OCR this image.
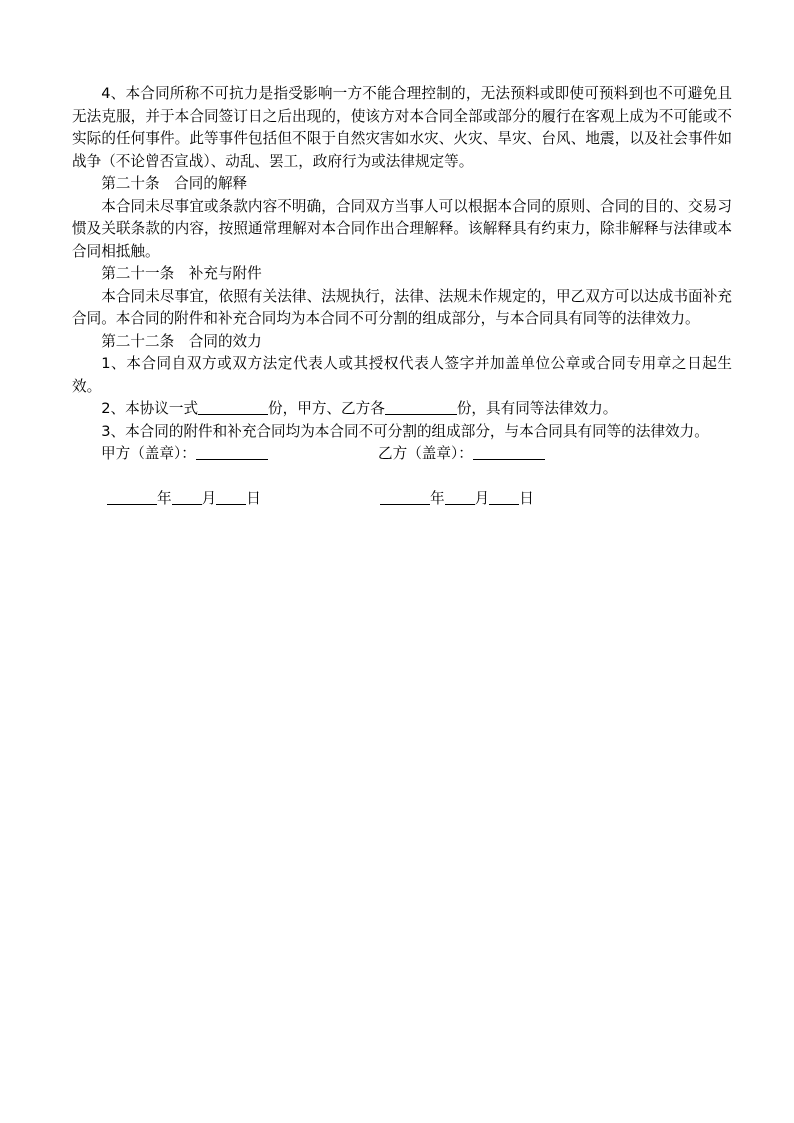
4、本合同所称不可抗力是指受影响一方不能合理控制的，无法预料或即使可预料到也不可避免且无法克服，并于本合同签订日之后出现的，使该方对本合同全部或部分的履行在客观上成为不可能或不实际的任何事件。此等事件包括但不限于自然灾害如水灾、火灾、旱灾、台风、地震，以及社会事件如战争（不论曾否宣战）、动乱、罢工，政府行为或法律规定等。

第二十条 合同的解释

本合同未尽事宜或条款内容不明确，合同双方当事人可以根据本合同的原则、合同的目的、交易习惯及关联条款的内容，按照通常理解对本合同作出合理解释。该解释具有约束力，除非解释与法律或本合同相抵触。

第二十一条 补充与附件

本合同未尽事宜，依照有关法律、法规执行，法律、法规未作规定的，甲乙双方可以达成书面补充合同。本合同的附件和补充合同均为本合同不可分割的组成部分，与本合同具有同等的法律效力。

第二十二条 合同的效力

1、本合同自双方或双方法定代表人或其授权代表人签字并加盖单位公章或合同专用章之日起生效。

2、本协议一式	份，甲方、乙方各	份，具有同等法律效力。

3、本合同的附件和补充合同均为本合同不可分割的组成部分，与本合同具有同等的法律效力。

甲方（盖章）：	乙方（盖章）：
年 月 日	年 月 日
